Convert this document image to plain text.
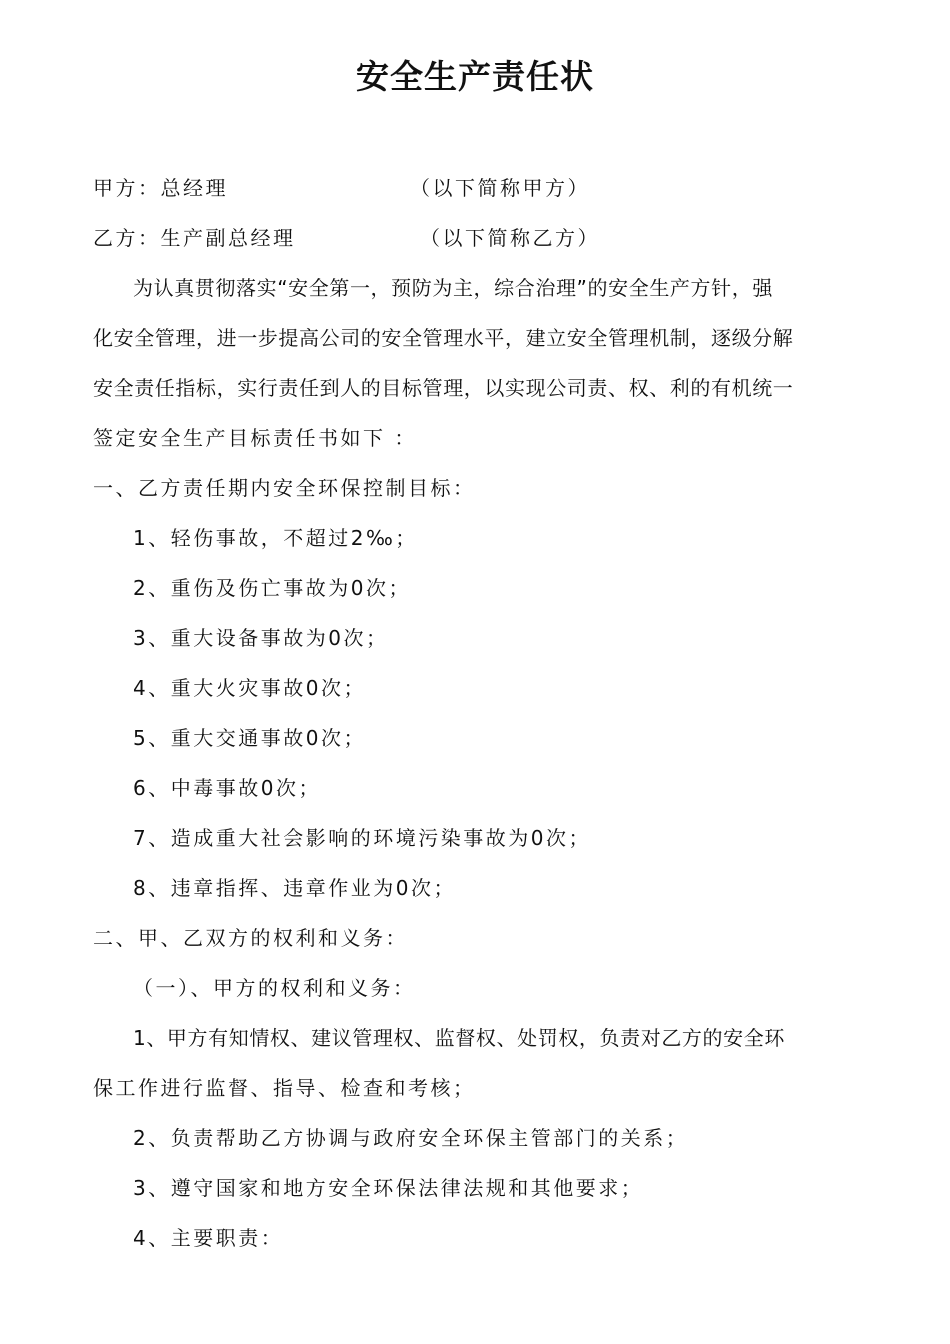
安全生产责任状
甲方：总经理	（以下简称甲方）
乙方：生产副总经理	（以下简称乙方）
为认真贯彻落实“安全第一，预防为主，综合治理”的安全生产方针，强
化安全管理，进一步提高公司的安全管理水平，建立安全管理机制，逐级分解
安全责任指标，实行责任到人的目标管理，以实现公司责、权、利的有机统一
签定安全生产目标责任书如下 ：
一、乙方责任期内安全环保控制目标：
1、轻伤事故，不超过2‰；
2、重伤及伤亡事故为0次；
3、重大设备事故为0次；
4、重大火灾事故0次；
5、重大交通事故0次；
6、中毒事故0次；
7、造成重大社会影响的环境污染事故为0次；
8、违章指挥、违章作业为0次；
二、甲、乙双方的权利和义务：
（一）、甲方的权利和义务：
1、甲方有知情权、建议管理权、监督权、处罚权，负责对乙方的安全环
保工作进行监督、指导、检查和考核；
2、负责帮助乙方协调与政府安全环保主管部门的关系；
3、遵守国家和地方安全环保法律法规和其他要求；
4、主要职责：
